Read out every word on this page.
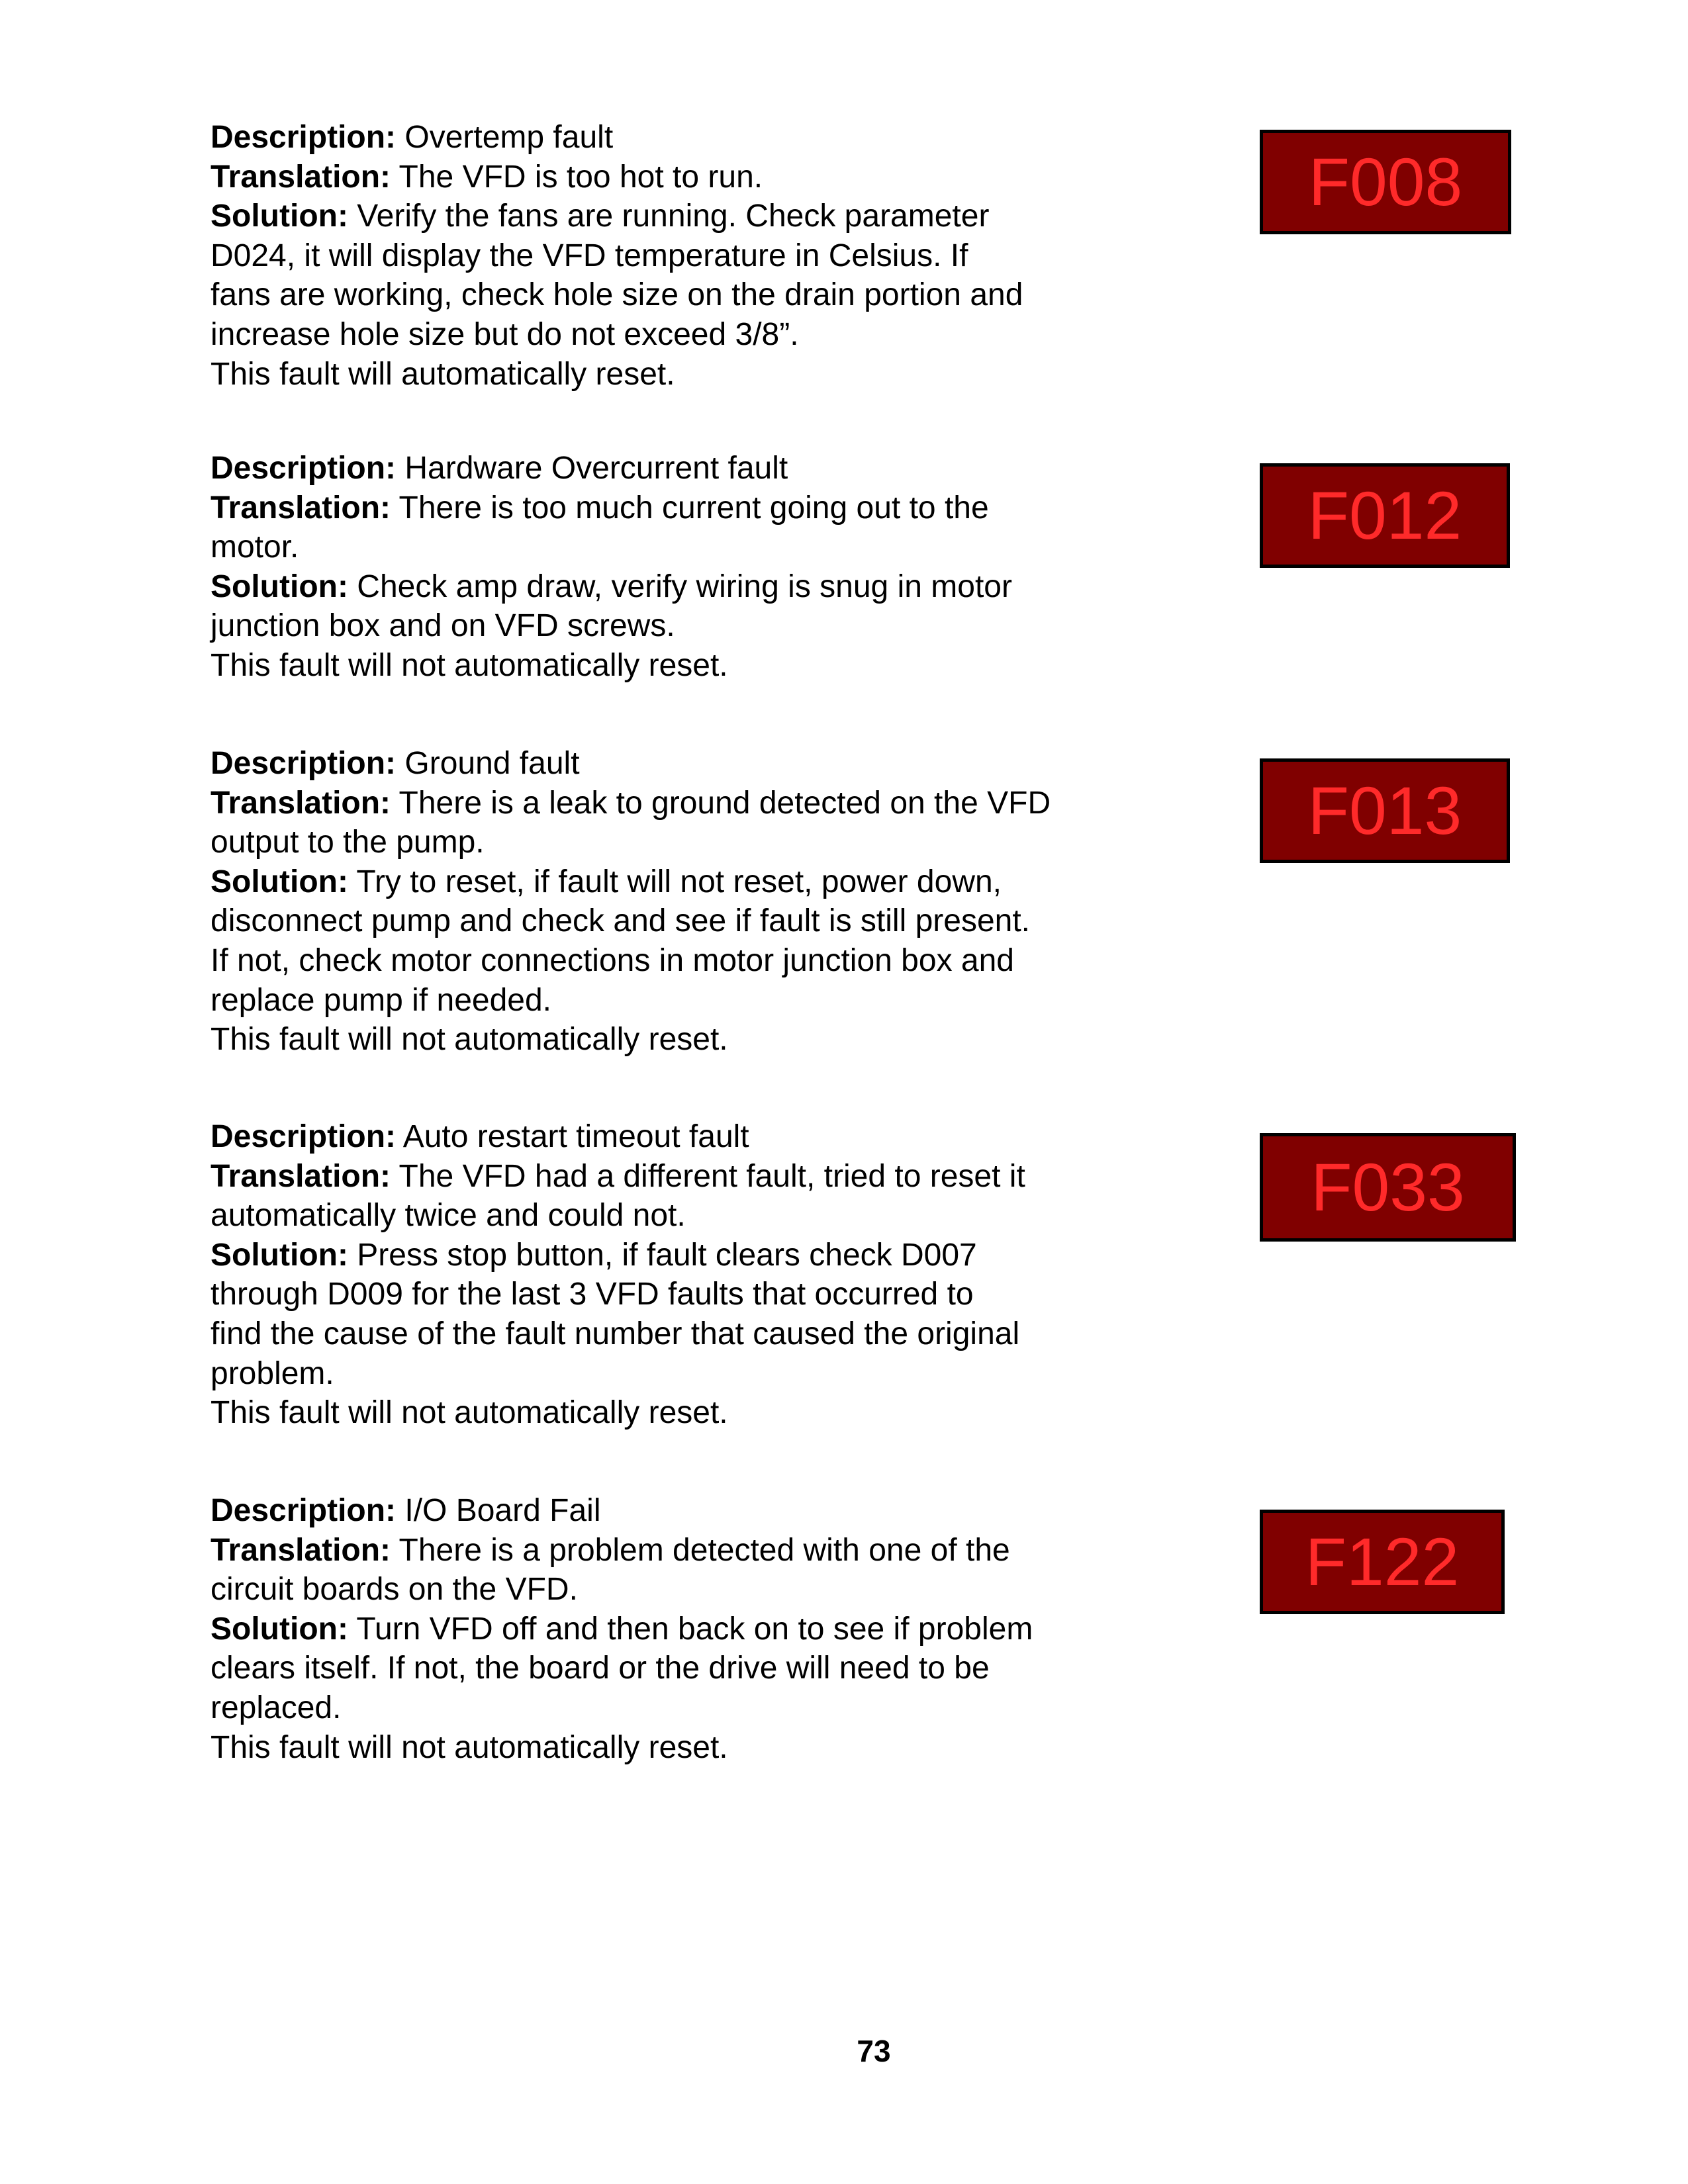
Description: Overtemp fault
Translation: The VFD is too hot to run.
Solution: Verify the fans are running. Check parameter
D024, it will display the VFD temperature in Celsius. If
fans are working, check hole size on the drain portion and
increase hole size but do not exceed 3/8”.
This fault will automatically reset.
F008
Description: Hardware Overcurrent fault
Translation: There is too much current going out to the
motor.
Solution: Check amp draw, verify wiring is snug in motor
junction box and on VFD screws.
This fault will not automatically reset.
F012
Description: Ground fault
Translation: There is a leak to ground detected on the VFD
output to the pump.
Solution: Try to reset, if fault will not reset, power down,
disconnect pump and check and see if fault is still present.
If not, check motor connections in motor junction box and
replace pump if needed.
This fault will not automatically reset.
F013
Description: Auto restart timeout fault
Translation: The VFD had a different fault, tried to reset it
automatically twice and could not.
Solution: Press stop button, if fault clears check D007
through D009 for the last 3 VFD faults that occurred to
find the cause of the fault number that caused the original
problem.
This fault will not automatically reset.
F033
Description: I/O Board Fail
Translation: There is a problem detected with one of the
circuit boards on the VFD.
Solution: Turn VFD off and then back on to see if problem
clears itself. If not, the board or the drive will need to be
replaced.
This fault will not automatically reset.
F122
73
